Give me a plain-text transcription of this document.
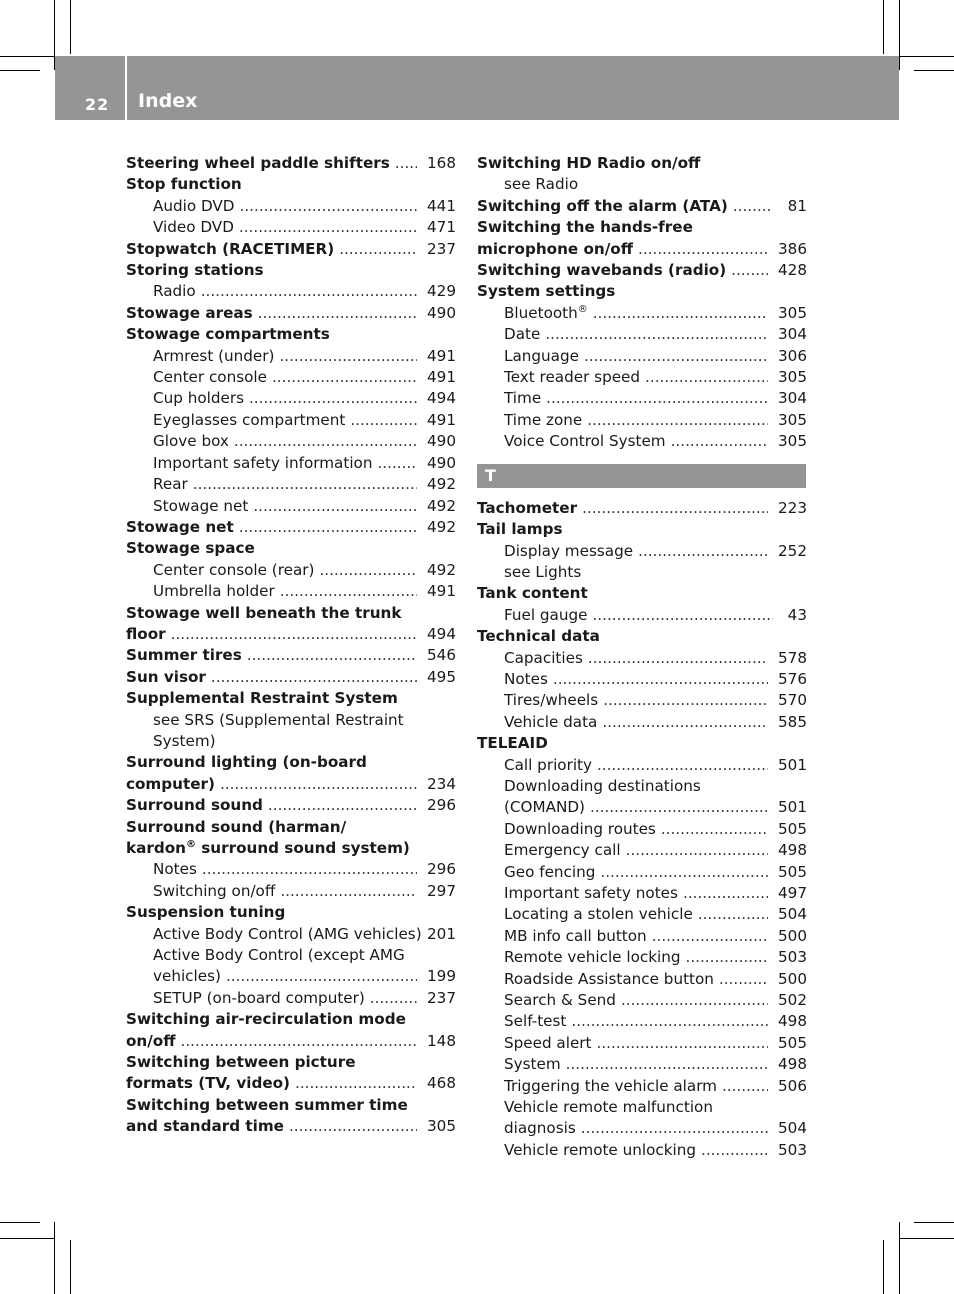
22 Index
Steering wheel paddle shifters ..... 168
Stop function
Audio DVD .....	441
Video DVD .....	471
Stopwatch (RACETIMER) .....	237
Storing stations
Radio .....	429
Stowage areas .....	490
Stowage compartments
Armrest (under) .....	491
Center console .....	491
Cup holders .....	494
Eyeglasses compartment .....	491
Glove box .....	490
Important safety information .....	490
Rear .....	492
Stowage net .....	492
Stowage net .....	492
Stowage space
Center console (rear) .....	492
Umbrella holder .....	491
Stowage well beneath the trunk
floor .....	494
Summer tires .....	546
Sun visor .....	495
Supplemental Restraint System
see SRS (Supplemental Restraint
System)
Surround lighting (on-board
computer) .....	234
Surround sound .....	296
Surround sound (harman/
kardon® surround sound system)
Notes .....	296
Switching on/off .....	297
Suspension tuning
Active Body Control (AMG vehicles) 201
Active Body Control (except AMG
vehicles) .....	199
SETUP (on-board computer) .....	237
Switching air-recirculation mode
on/off .....	148
Switching between picture
formats (TV, video) .....	468
Switching between summer time
and standard time .....	305
Switching HD Radio on/off
see Radio
Switching off the alarm (ATA) .....	81
Switching the hands-free
microphone on/off .....	386
Switching wavebands (radio) .....	428
System settings
Bluetooth® .....	305
Date .....	304
Language .....	306
Text reader speed .....	305
Time .....	304
Time zone .....	305
Voice Control System .....	305
T
Tachometer .....	223
Tail lamps
Display message .....	252
see Lights
Tank content
Fuel gauge .....	43
Technical data
Capacities .....	578
Notes .....	576
Tires/wheels .....	570
Vehicle data .....	585
TELEAID
Call priority .....	501
Downloading destinations
(COMAND) .....	501
Downloading routes .....	505
Emergency call .....	498
Geo fencing .....	505
Important safety notes .....	497
Locating a stolen vehicle .....	504
MB info call button .....	500
Remote vehicle locking .....	503
Roadside Assistance button .....	500
Search & Send .....	502
Self-test .....	498
Speed alert .....	505
System .....	498
Triggering the vehicle alarm .....	506
Vehicle remote malfunction
diagnosis .....	504
Vehicle remote unlocking .....	503
